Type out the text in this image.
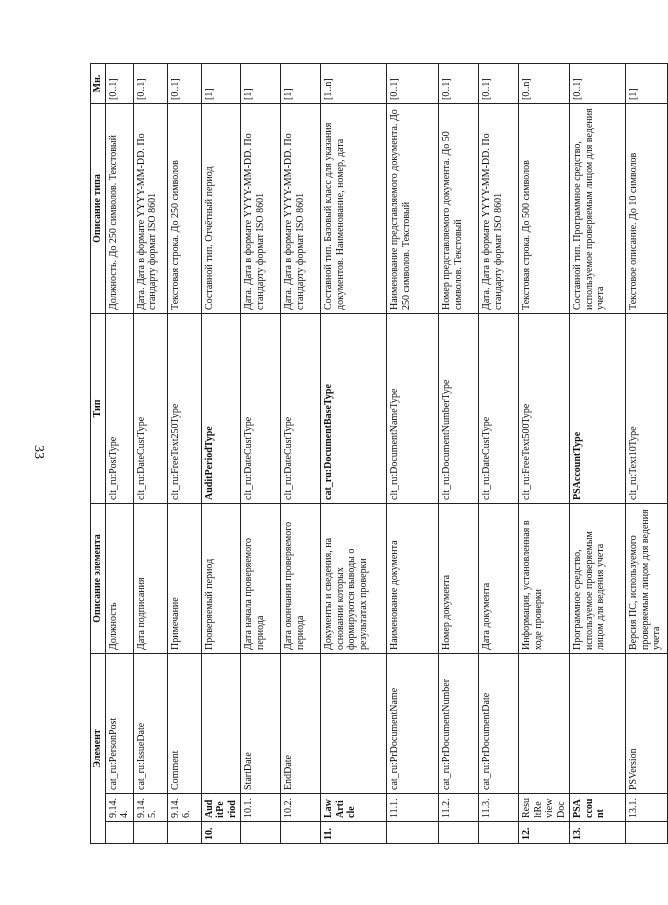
33
Элемент			Описание элемента	Тип	Описание типа	Мн.
	9.14.4.	cat_ru:PersonPost	Должность	clt_ru:PostType	Должность. До 250 символов. Текстовый	[0..1]
	9.14.5.	cat_ru:IssueDate	Дата подписания	clt_ru:DateCustType	Дата. Дата в формате YYYY-MM-DD. По стандарту формат ISO 8601	[0..1]
	9.14.6.	Comment	Примечание	clt_ru:FreeText250Type	Текстовая строка. До 250 символов	[0..1]
10.	AuditPeriod		Проверяемый период	AuditPeriodType	Составной тип. Отчётный период	[1]
	10.1.	StartDate	Дата начала проверяемого периода	clt_ru:DateCustType	Дата. Дата в формате YYYY-MM-DD. По стандарту формат ISO 8601	[1]
	10.2.	EndDate	Дата окончания проверяемого периода	clt_ru:DateCustType	Дата. Дата в формате YYYY-MM-DD. По стандарту формат ISO 8601	[1]
11.	LawArticle		Документы и сведения, на основании которых формируются выводы о результатах проверки	cat_ru:DocumentBaseType	Составной тип. Базовый класс для указания документов. Наименование, номер, дата	[1..n]
	11.1.	cat_ru:PrDocumentName	Наименование документа	clt_ru:DocumentNameType	Наименование представляемого документа. До 250 символов. Текстовый	[0..1]
	11.2.	cat_ru:PrDocumentNumber	Номер документа	clt_ru:DocumentNumberType	Номер представляемого документа. До 50 символов. Текстовый	[0..1]
	11.3.	cat_ru:PrDocumentDate	Дата документа	clt_ru:DateCustType	Дата. Дата в формате YYYY-MM-DD. По стандарту формат ISO 8601	[0..1]
12.	ResultReviewDoc		Информация, установленная в ходе проверки	clt_ru:FreeText500Type	Текстовая строка. До 500 символов	[0..n]
13.	PSAccount		Программное средство, используемое проверяемым лицом для ведения учета	PSAccountType	Составной тип. Программное средство, используемое проверяемым лицом для ведения учета	[0..1]
	13.1.	PSVersion	Версия ПС, используемого проверяемым лицом для ведения учета	clt_ru:Text10Type	Текстовое описание. До 10 символов	[1]
